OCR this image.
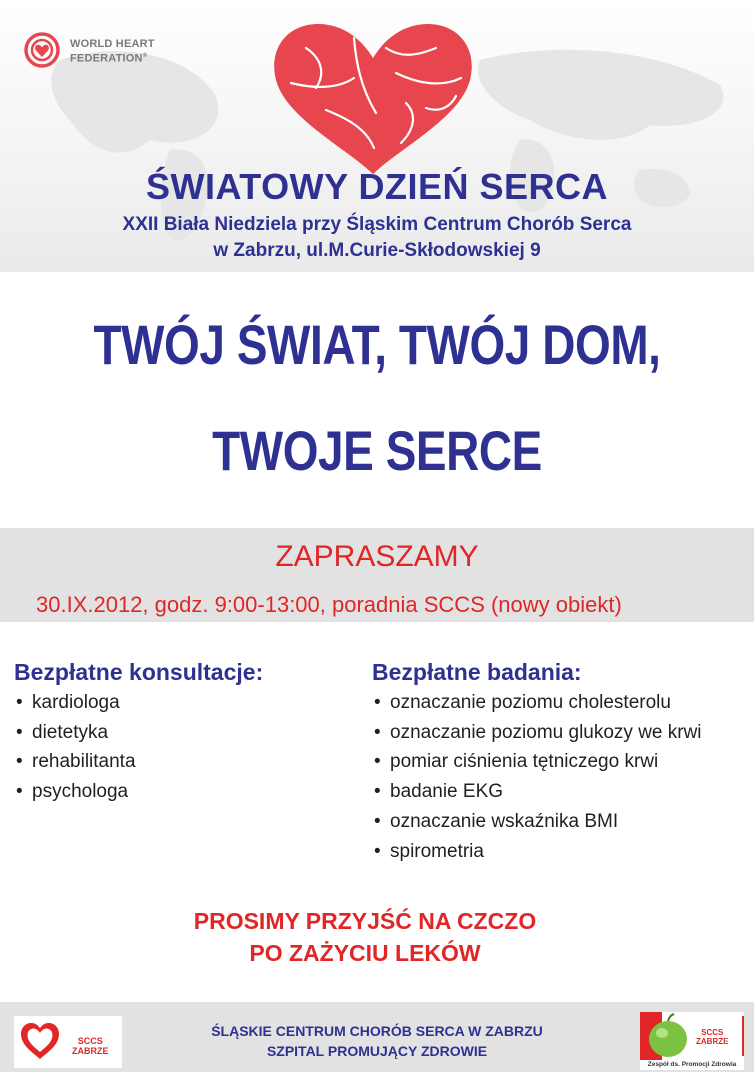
WORLD HEART
FEDERATION®
ŚWIATOWY DZIEŃ SERCA
XXII Biała Niedziela przy Śląskim Centrum Chorób Serca
w Zabrzu, ul.M.Curie-Skłodowskiej 9
TWÓJ ŚWIAT, TWÓJ DOM,
TWOJE SERCE
ZAPRASZAMY
30.IX.2012, godz. 9:00-13:00, poradnia SCCS (nowy obiekt)
Bezpłatne konsultacje:
• kardiologa
• dietetyka
• rehabilitanta
• psychologa
Bezpłatne badania:
• oznaczanie poziomu cholesterolu
• oznaczanie poziomu glukozy we krwi
• pomiar ciśnienia tętniczego krwi
• badanie EKG
• oznaczanie wskaźnika BMI
• spirometria
PROSIMY PRZYJŚĆ NA CZCZO
PO ZAŻYCIU LEKÓW
SCCS
ZABRZE
ŚLĄSKIE CENTRUM CHORÓB SERCA W ZABRZU
SZPITAL PROMUJĄCY ZDROWIE
SCCS
ZABRZE
Zespół ds. Promocji Zdrowia
